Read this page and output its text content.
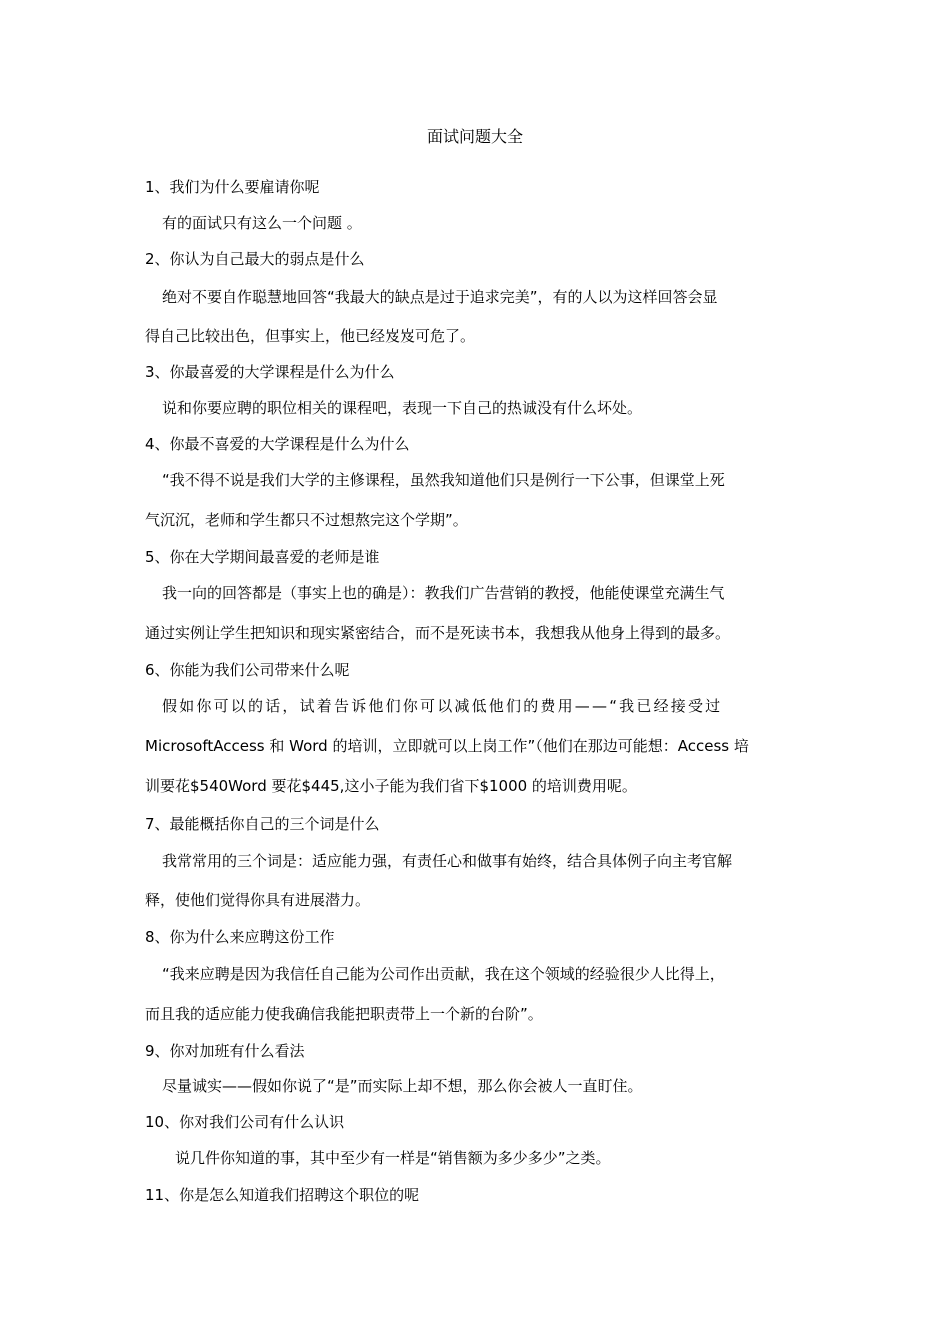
面试问题大全
1、我们为什么要雇请你呢
有的面试只有这么一个问题 。
2、你认为自己最大的弱点是什么
绝对不要自作聪慧地回答“我最大的缺点是过于追求完美”，有的人以为这样回答会显
得自己比较出色，但事实上，他已经岌岌可危了。
3、你最喜爱的大学课程是什么为什么
说和你要应聘的职位相关的课程吧，表现一下自己的热诚没有什么坏处。
4、你最不喜爱的大学课程是什么为什么
“我不得不说是我们大学的主修课程，虽然我知道他们只是例行一下公事，但课堂上死
气沉沉，老师和学生都只不过想熬完这个学期”。
5、你在大学期间最喜爱的老师是谁
我一向的回答都是（事实上也的确是）：教我们广告营销的教授，他能使课堂充满生气
通过实例让学生把知识和现实紧密结合，而不是死读书本，我想我从他身上得到的最多。
6、你能为我们公司带来什么呢
假如你可以的话，试着告诉他们你可以减低他们的费用——“我已经接受过
MicrosoftAccess 和 Word 的培训，立即就可以上岗工作”（他们在那边可能想：Access 培
训要花$540Word 要花$445,这小子能为我们省下$1000 的培训费用呢。
7、最能概括你自己的三个词是什么
我常常用的三个词是：适应能力强，有责任心和做事有始终，结合具体例子向主考官解
释，使他们觉得你具有进展潜力。
8、你为什么来应聘这份工作
“我来应聘是因为我信任自己能为公司作出贡献，我在这个领域的经验很少人比得上，
而且我的适应能力使我确信我能把职责带上一个新的台阶”。
9、你对加班有什么看法
尽量诚实——假如你说了“是”而实际上却不想，那么你会被人一直盯住。
10、你对我们公司有什么认识
说几件你知道的事，其中至少有一样是“销售额为多少多少”之类。
11、你是怎么知道我们招聘这个职位的呢
